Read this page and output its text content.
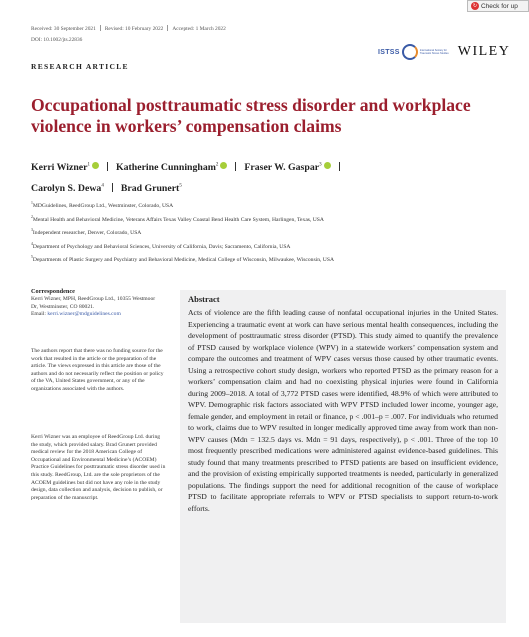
↻ Check for up
Received: 30 September 2021 Revised: 10 February 2022 Accepted: 1 March 2022
DOI: 10.1002/jts.22836
ISTSS	International Society for Traumatic Stress Studies WILEY
RESEARCH ARTICLE
Occupational posttraumatic stress disorder and workplace violence in workers’ compensation claims
Kerri Wizner$^1$	Katherine Cunningham$^2$	Fraser W. Gaspar$^3$
Carolyn S. Dewa$^4$ Brad Grunert$^5$
$^1$MDGuidelines, ReedGroup Ltd., Westminster, Colorado, USA
$^2$Mental Health and Behavioral Medicine, Veterans Affairs Texas Valley Coastal Bend Health Care System, Harlingen, Texas, USA
$^3$Independent researcher, Denver, Colorado, USA
$^4$Department of Psychology and Behavioral Sciences, University of California, Davis; Sacramento, California, USA
$^5$Departments of Plastic Surgery and Psychiatry and Behavioral Medicine, Medical College of Wisconsin, Milwaukee, Wisconsin, USA
Correspondence
Kerri Wizner, MPH, ReedGroup Ltd., 10355 Westmoor Dr, Westminster, CO 80021.
Email: kerri.wizner@mdguidelines.com
The authors report that there was no funding source for the work that resulted in the article or the preparation of the article. The views expressed in this article are those of the authors and do not necessarily reflect the position or policy of the VA, United States government, or any of the organizations associated with the authors.
Kerri Wizner was an employee of ReedGroup Ltd. during the study, which provided salary. Brad Grunert provided medical review for the 2018 American College of Occupational and Environmental Medicine’s (ACOEM) Practice Guidelines for posttraumatic stress disorder used in this study. ReedGroup, Ltd. are the sole proprietors of the ACOEM guidelines but did not have any role in the study design, data collection and analysis, decision to publish, or preparation of the manuscript.
Abstract
Acts of violence are the fifth leading cause of nonfatal occupational injuries in the United States. Experiencing a traumatic event at work can have serious mental health consequences, including the development of posttraumatic stress disorder (PTSD). This study aimed to quantify the prevalence of PTSD caused by workplace violence (WPV) in a statewide workers’ compensation system and compare the outcomes and treatment of WPV cases versus those caused by other traumatic events. Using a retrospective cohort study design, workers who reported PTSD as the primary reason for a workers’ compensation claim and had no coexisting physical injuries were found in California during 2009–2018. A total of 3,772 PTSD cases were identified, 48.9% of which were attributed to WPV. Demographic risk factors associated with WPV PTSD included lower income, younger age, female gender, and employment in retail or finance, p < .001–p = .007. For individuals who returned to work, claims due to WPV resulted in longer medically approved time away from work than non-WPV causes (Mdn = 132.5 days vs. Mdn = 91 days, respectively), p < .001. Three of the top 10 most frequently prescribed medications were administered against evidence-based guidelines. This study found that many treatments prescribed to PTSD patients are based on insufficient evidence, and the provision of existing empirically supported treatments is needed, particularly in generalized populations. The findings support the need for additional recognition of the cause of workplace PTSD to facilitate appropriate referrals to WPV or PTSD specialists to support return-to-work efforts.
